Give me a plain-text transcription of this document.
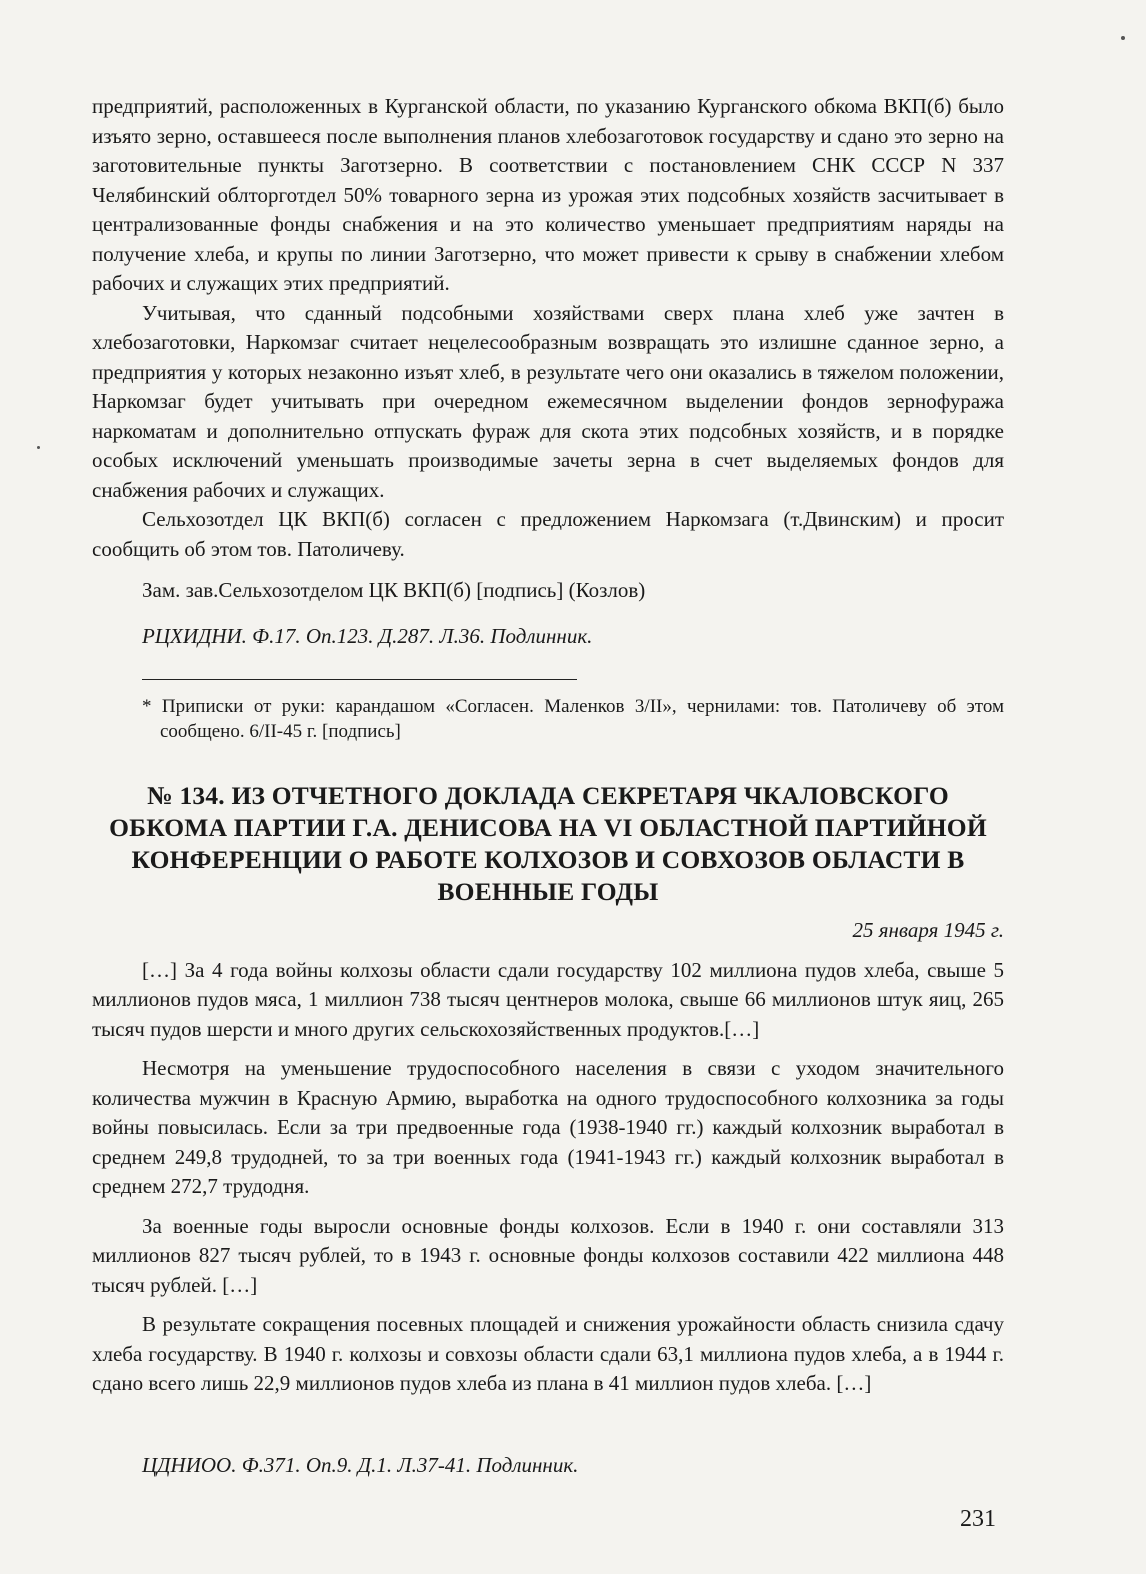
предприятий, расположенных в Курганской области, по указанию Курганского обкома ВКП(б) было изъято зерно, оставшееся после выполнения планов хлебозаготовок государству и сдано это зерно на заготовительные пункты Заготзерно. В соответствии с постановлением СНК СССР N 337 Челябинский облторготдел 50% товарного зерна из урожая этих подсобных хозяйств засчитывает в централизованные фонды снабжения и на это количество уменьшает предприятиям наряды на получение хлеба, и крупы по линии Заготзерно, что может привести к срыву в снабжении хлебом рабочих и служащих этих предприятий.

Учитывая, что сданный подсобными хозяйствами сверх плана хлеб уже зачтен в хлебозаготовки, Наркомзаг считает нецелесообразным возвращать это излишне сданное зерно, а предприятия у которых незаконно изъят хлеб, в результате чего они оказались в тяжелом положении, Наркомзаг будет учитывать при очередном ежемесячном выделении фондов зернофуража наркоматам и дополнительно отпускать фураж для скота этих подсобных хозяйств, и в порядке особых исключений уменьшать производимые зачеты зерна в счет выделяемых фондов для снабжения рабочих и служащих.

Сельхозотдел ЦК ВКП(б) согласен с предложением Наркомзага (т.Двинским) и просит сообщить об этом тов. Патоличеву.

Зам. зав.Сельхозотделом ЦК ВКП(б) [подпись] (Козлов)

РЦХИДНИ. Ф.17. Оп.123. Д.287. Л.36. Подлинник.

* Приписки от руки: карандашом «Согласен. Маленков 3/II», чернилами: тов. Патоличеву об этом сообщено. 6/II-45 г. [подпись]

№ 134. ИЗ ОТЧЕТНОГО ДОКЛАДА СЕКРЕТАРЯ ЧКАЛОВСКОГО ОБКОМА ПАРТИИ Г.А. ДЕНИСОВА НА VI ОБЛАСТНОЙ ПАРТИЙНОЙ КОНФЕРЕНЦИИ О РАБОТЕ КОЛХОЗОВ И СОВХОЗОВ ОБЛАСТИ В ВОЕННЫЕ ГОДЫ

25 января 1945 г.

[…] За 4 года войны колхозы области сдали государству 102 миллиона пудов хлеба, свыше 5 миллионов пудов мяса, 1 миллион 738 тысяч центнеров молока, свыше 66 миллионов штук яиц, 265 тысяч пудов шерсти и много других сельскохозяйственных продуктов.[…]

Несмотря на уменьшение трудоспособного населения в связи с уходом значительного количества мужчин в Красную Армию, выработка на одного трудоспособного колхозника за годы войны повысилась. Если за три предвоенные года (1938-1940 гг.) каждый колхозник выработал в среднем 249,8 трудодней, то за три военных года (1941-1943 гг.) каждый колхозник выработал в среднем 272,7 трудодня.

За военные годы выросли основные фонды колхозов. Если в 1940 г. они составляли 313 миллионов 827 тысяч рублей, то в 1943 г. основные фонды колхозов составили 422 миллиона 448 тысяч рублей. […]

В результате сокращения посевных площадей и снижения урожайности область снизила сдачу хлеба государству. В 1940 г. колхозы и совхозы области сдали 63,1 миллиона пудов хлеба, а в 1944 г. сдано всего лишь 22,9 миллионов пудов хлеба из плана в 41 миллион пудов хлеба. […]

ЦДНИОО. Ф.371. Оп.9. Д.1. Л.37-41. Подлинник.

231
